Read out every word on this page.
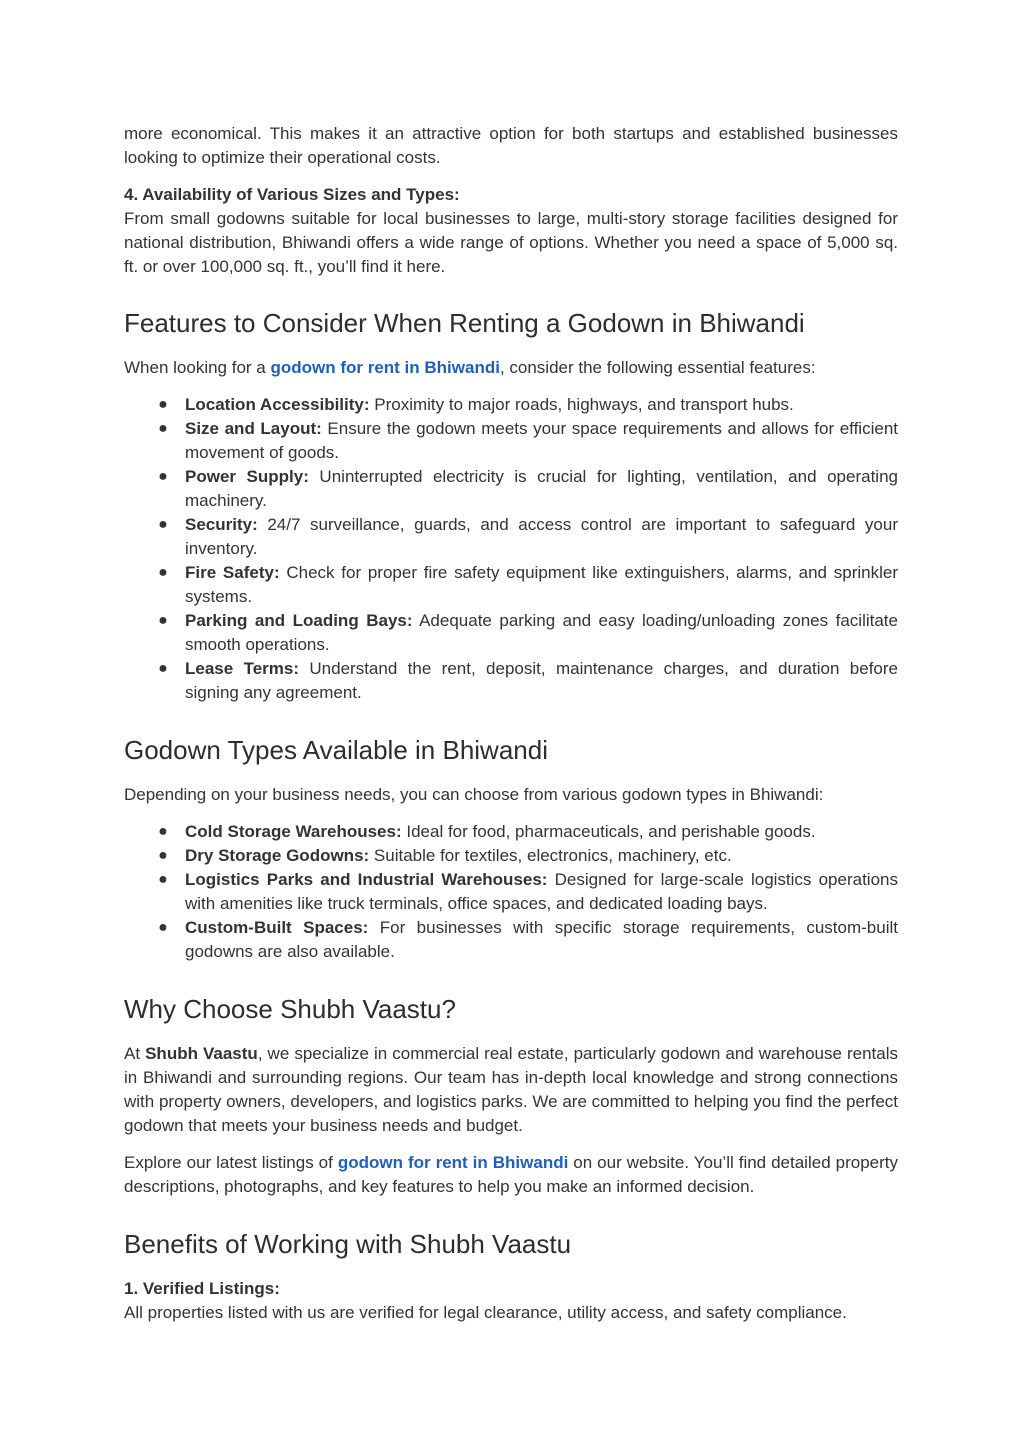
more economical. This makes it an attractive option for both startups and established businesses looking to optimize their operational costs.

4. Availability of Various Sizes and Types:
From small godowns suitable for local businesses to large, multi-story storage facilities designed for national distribution, Bhiwandi offers a wide range of options. Whether you need a space of 5,000 sq. ft. or over 100,000 sq. ft., you’ll find it here.

Features to Consider When Renting a Godown in Bhiwandi

When looking for a godown for rent in Bhiwandi, consider the following essential features:

● Location Accessibility: Proximity to major roads, highways, and transport hubs.
● Size and Layout: Ensure the godown meets your space requirements and allows for efficient movement of goods.
● Power Supply: Uninterrupted electricity is crucial for lighting, ventilation, and operating machinery.
● Security: 24/7 surveillance, guards, and access control are important to safeguard your inventory.
● Fire Safety: Check for proper fire safety equipment like extinguishers, alarms, and sprinkler systems.
● Parking and Loading Bays: Adequate parking and easy loading/unloading zones facilitate smooth operations.
● Lease Terms: Understand the rent, deposit, maintenance charges, and duration before signing any agreement.
Godown Types Available in Bhiwandi

Depending on your business needs, you can choose from various godown types in Bhiwandi:

● Cold Storage Warehouses: Ideal for food, pharmaceuticals, and perishable goods.
● Dry Storage Godowns: Suitable for textiles, electronics, machinery, etc.
● Logistics Parks and Industrial Warehouses: Designed for large-scale logistics operations with amenities like truck terminals, office spaces, and dedicated loading bays.
● Custom-Built Spaces: For businesses with specific storage requirements, custom-built godowns are also available.
Why Choose Shubh Vaastu?

At Shubh Vaastu, we specialize in commercial real estate, particularly godown and warehouse rentals in Bhiwandi and surrounding regions. Our team has in-depth local knowledge and strong connections with property owners, developers, and logistics parks. We are committed to helping you find the perfect godown that meets your business needs and budget.

Explore our latest listings of godown for rent in Bhiwandi on our website. You’ll find detailed property descriptions, photographs, and key features to help you make an informed decision.

Benefits of Working with Shubh Vaastu

1. Verified Listings:
All properties listed with us are verified for legal clearance, utility access, and safety compliance.
